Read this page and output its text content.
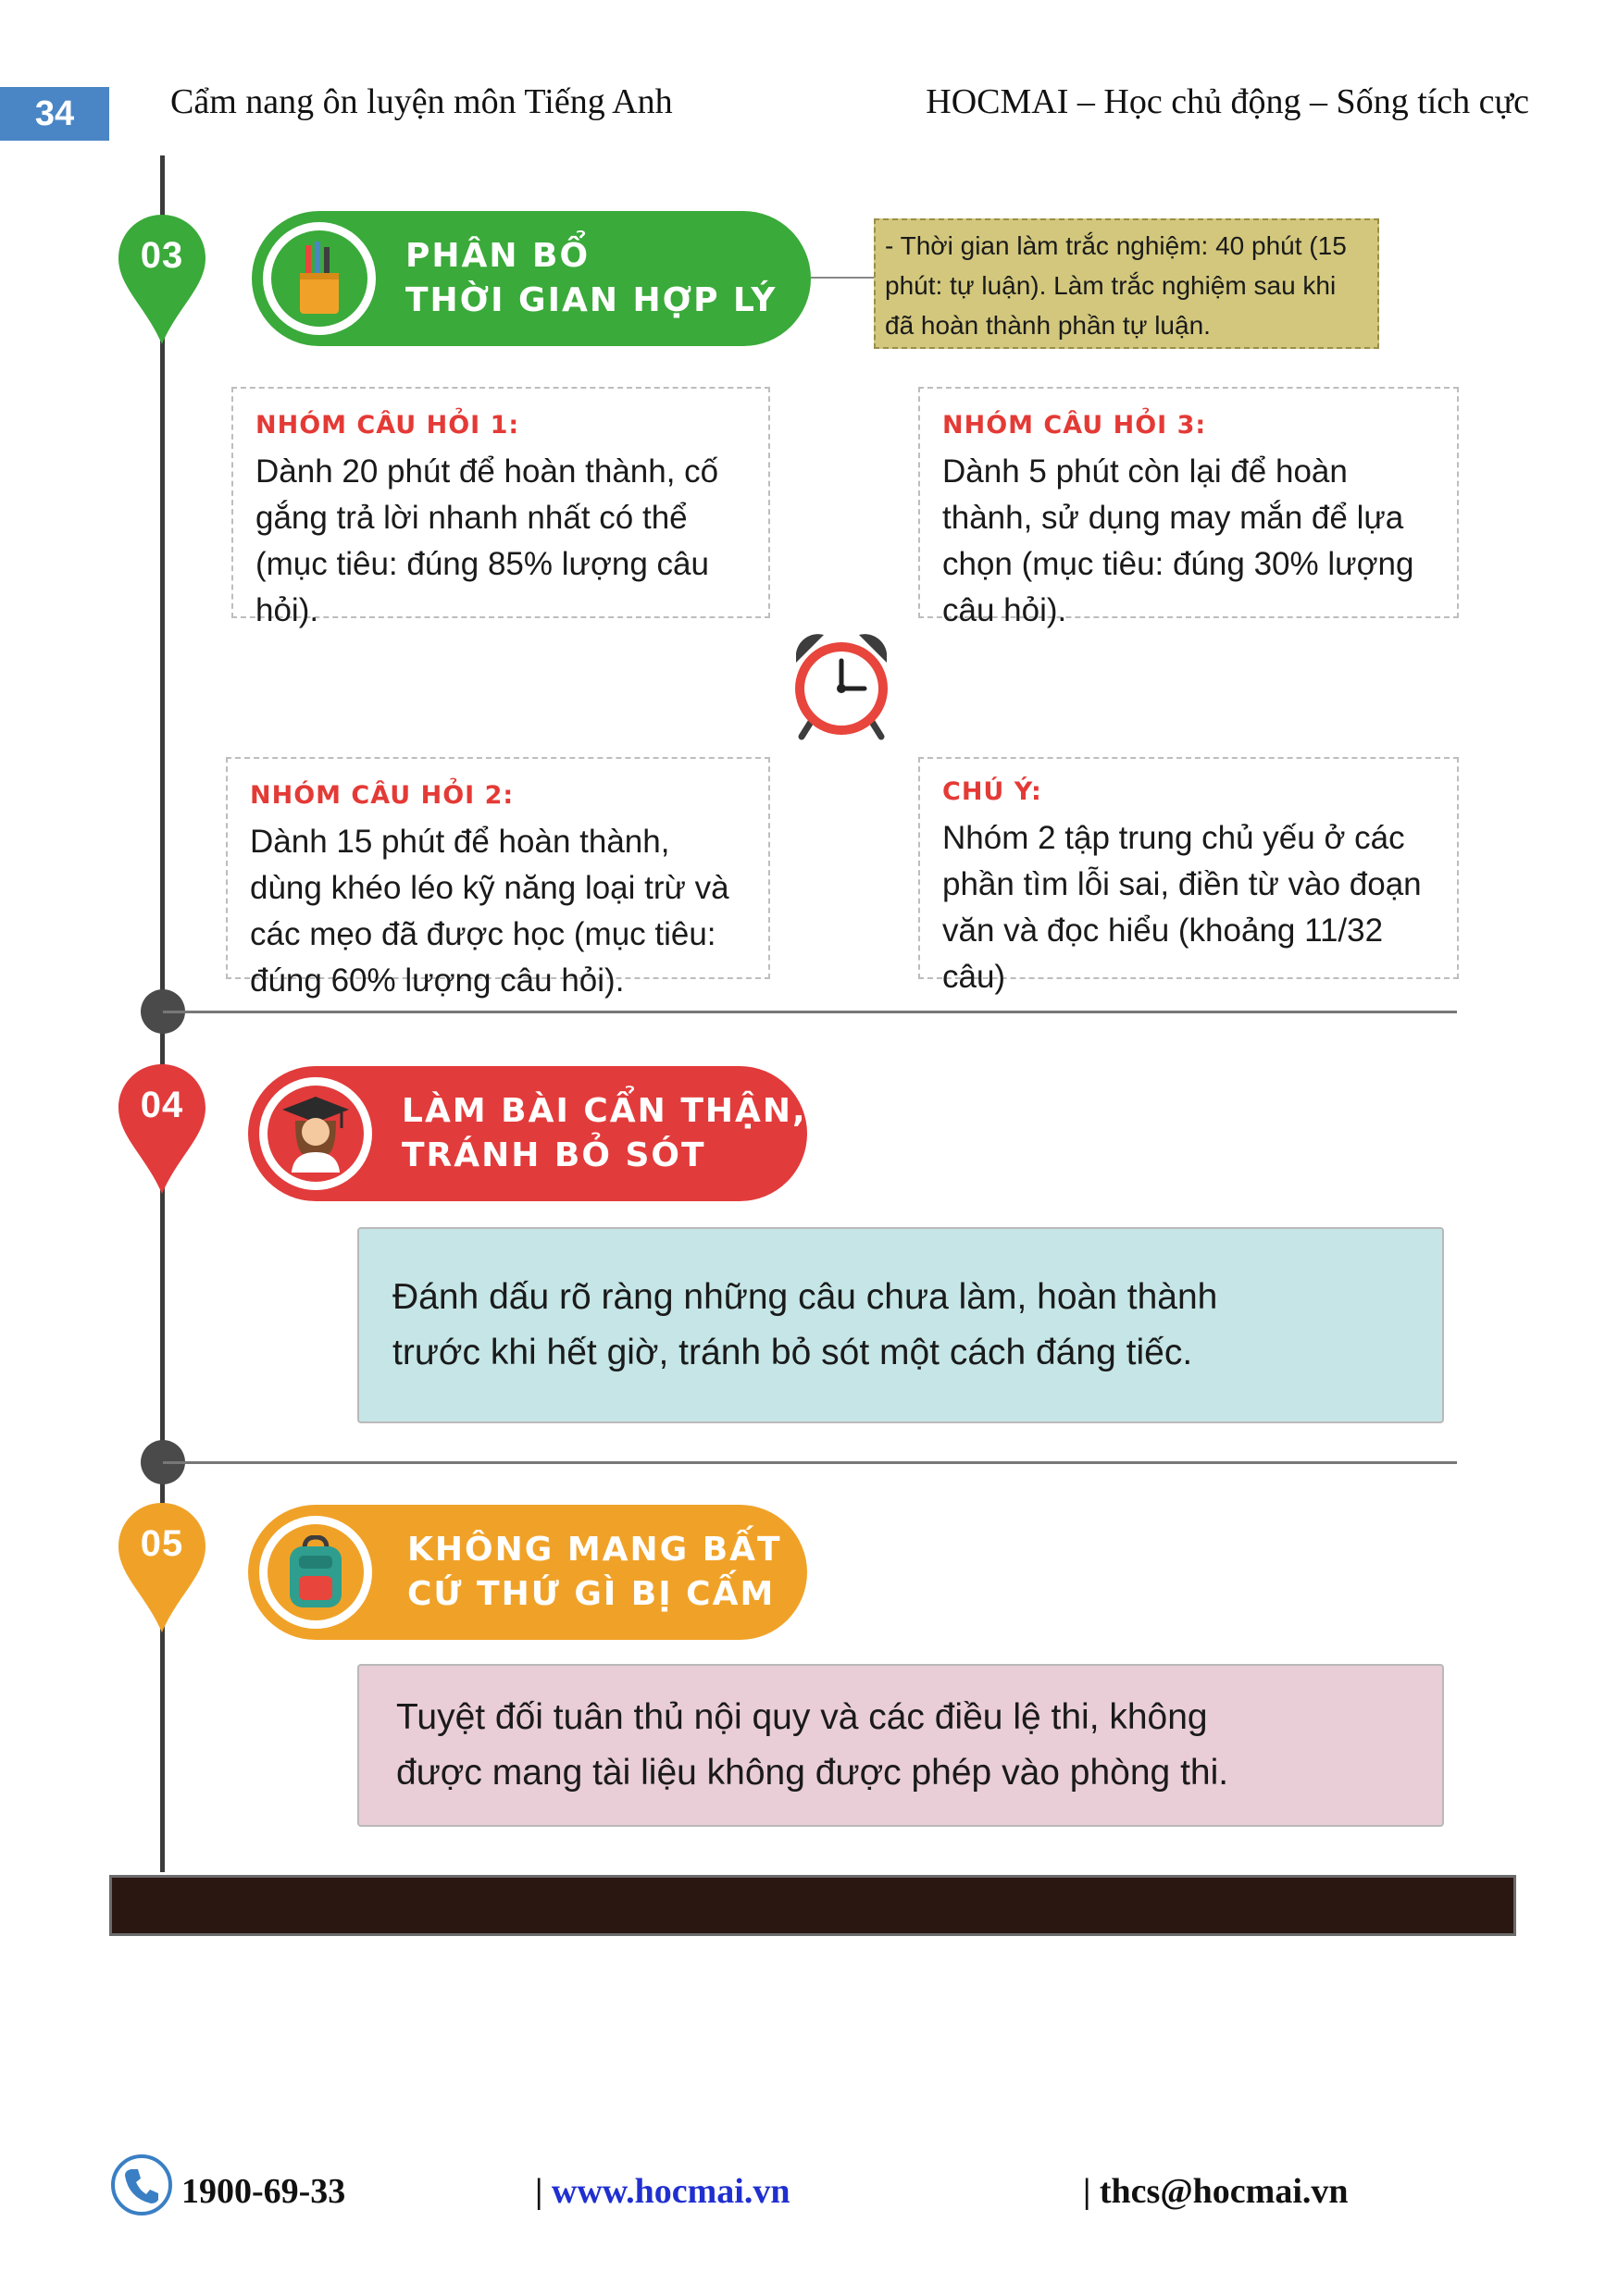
34	Cẩm nang ôn luyện môn Tiếng Anh	HOCMAI – Học chủ động – Sống tích cực
03	PHÂN BỔ
THỜI GIAN HỢP LÝ
- Thời gian làm trắc nghiệm: 40 phút (15 phút: tự luận). Làm trắc nghiệm sau khi đã hoàn thành phần tự luận.
NHÓM CÂU HỎI 1:
Dành 20 phút để hoàn thành, cố gắng trả lời nhanh nhất có thể (mục tiêu: đúng 85% lượng câu hỏi).
NHÓM CÂU HỎI 3:
Dành 5 phút còn lại để hoàn thành, sử dụng may mắn để lựa chọn (mục tiêu: đúng 30% lượng câu hỏi).
NHÓM CÂU HỎI 2:
Dành 15 phút để hoàn thành, dùng khéo léo kỹ năng loại trừ và các mẹo đã được học (mục tiêu: đúng 60% lượng câu hỏi).
CHÚ Ý:
Nhóm 2 tập trung chủ yếu ở các phần tìm lỗi sai, điền từ vào đoạn văn và đọc hiểu (khoảng 11/32 câu)
04	LÀM BÀI CẨN THẬN,
TRÁNH BỎ SÓT
Đánh dấu rõ ràng những câu chưa làm, hoàn thành trước khi hết giờ, tránh bỏ sót một cách đáng tiếc.
05	KHÔNG MANG BẤT
CỨ THỨ GÌ BỊ CẤM
Tuyệt đối tuân thủ nội quy và các điều lệ thi, không được mang tài liệu không được phép vào phòng thi.
1900-69-33	| www.hocmai.vn	| thcs@hocmai.vn
